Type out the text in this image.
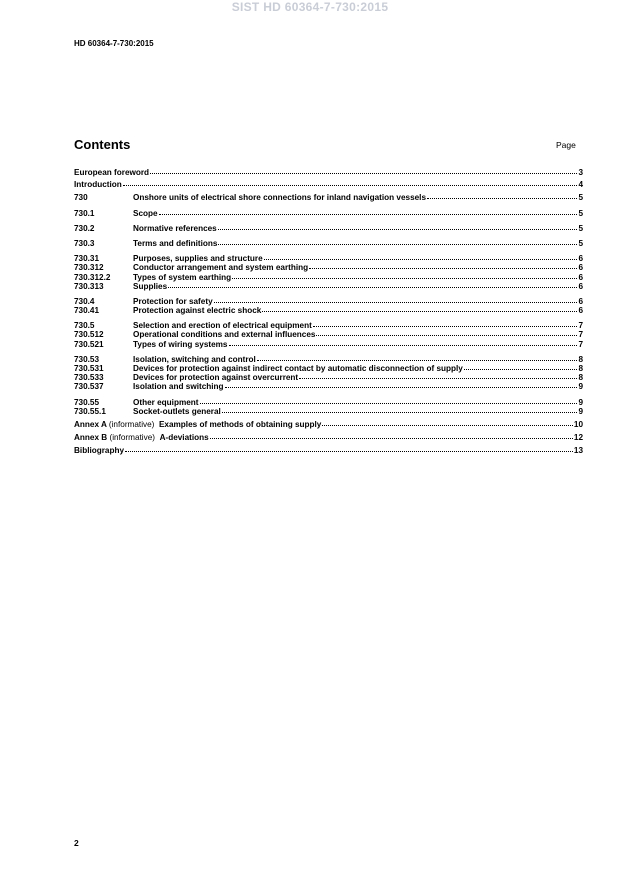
SIST HD 60364-7-730:2015
HD 60364-7-730:2015
Contents	Page
European foreword	3
Introduction	4
730	Onshore units of electrical shore connections for inland navigation vessels	5
730.1	Scope	5
730.2	Normative references	5
730.3	Terms and definitions	5
730.31	Purposes, supplies and structure	6
730.312	Conductor arrangement and system earthing	6
730.312.2	Types of system earthing	6
730.313	Supplies	6
730.4	Protection for safety	6
730.41	Protection against electric shock	6
730.5	Selection and erection of electrical equipment	7
730.512	Operational conditions and external influences	7
730.521	Types of wiring systems	7
730.53	Isolation, switching and control	8
730.531	Devices for protection against indirect contact by automatic disconnection of supply	8
730.533	Devices for protection against overcurrent	8
730.537	Isolation and switching	9
730.55	Other equipment	9
730.55.1	Socket-outlets general	9
Annex A (informative) Examples of methods of obtaining supply	10
Annex B (informative) A-deviations	12
Bibliography	13
2
